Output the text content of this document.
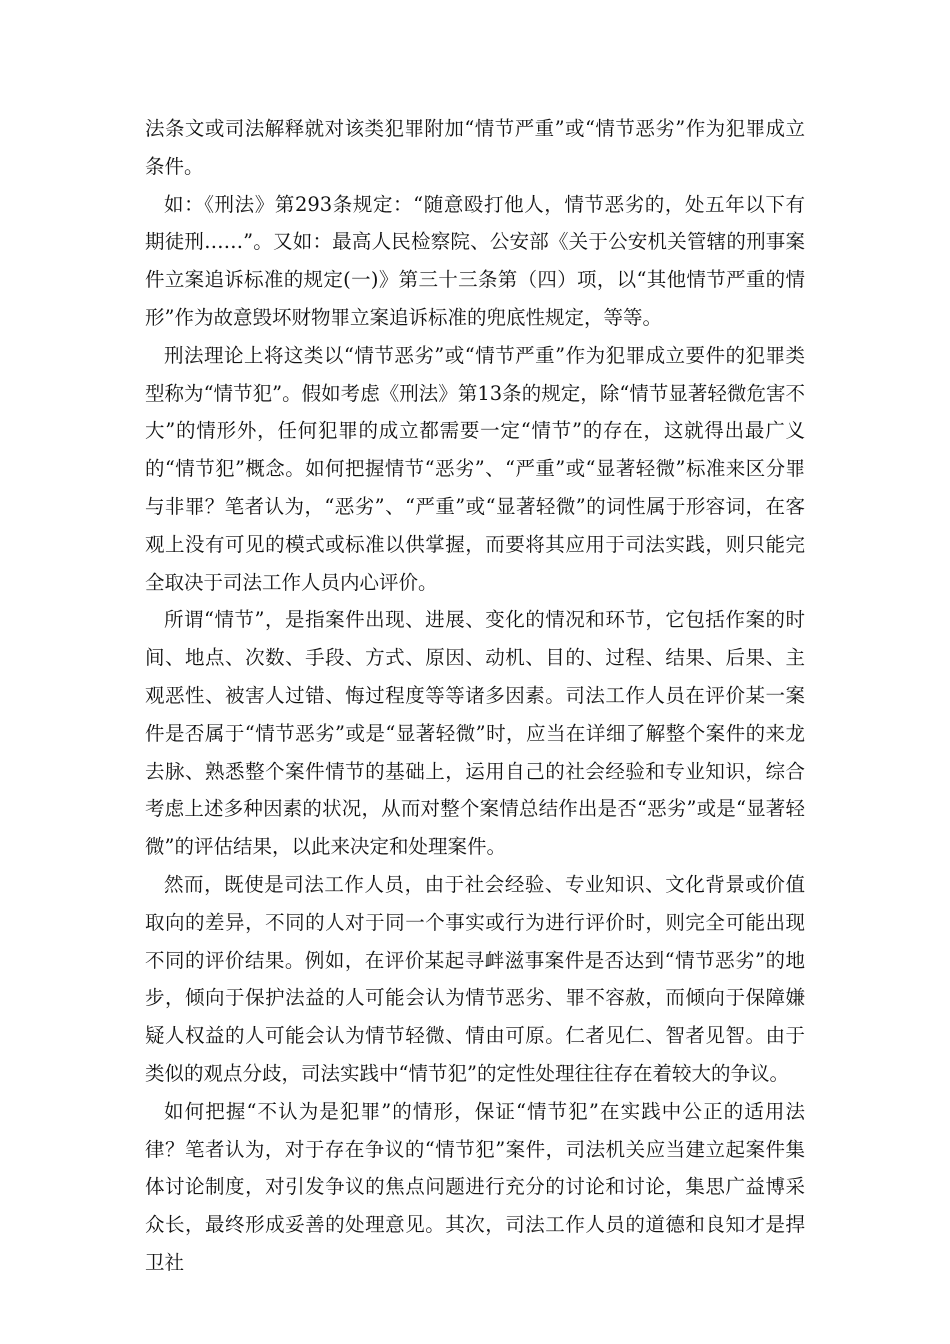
法条文或司法解释就对该类犯罪附加“情节严重”或“情节恶劣”作为犯罪成立条件。

如：《刑法》第293条规定：“随意殴打他人，情节恶劣的，处五年以下有期徒刑……”。又如：最高人民检察院、公安部《关于公安机关管辖的刑事案件立案追诉标准的规定(一)》第三十三条第（四）项，以“其他情节严重的情形”作为故意毁坏财物罪立案追诉标准的兜底性规定，等等。

刑法理论上将这类以“情节恶劣”或“情节严重”作为犯罪成立要件的犯罪类型称为“情节犯”。假如考虑《刑法》第13条的规定，除“情节显著轻微危害不大”的情形外，任何犯罪的成立都需要一定“情节”的存在，这就得出最广义的“情节犯”概念。如何把握情节“恶劣”、“严重”或“显著轻微”标准来区分罪与非罪？笔者认为，“恶劣”、“严重”或“显著轻微”的词性属于形容词，在客观上没有可见的模式或标准以供掌握，而要将其应用于司法实践，则只能完全取决于司法工作人员内心评价。

所谓“情节”，是指案件出现、进展、变化的情况和环节，它包括作案的时间、地点、次数、手段、方式、原因、动机、目的、过程、结果、后果、主观恶性、被害人过错、悔过程度等等诸多因素。司法工作人员在评价某一案件是否属于“情节恶劣”或是“显著轻微”时，应当在详细了解整个案件的来龙去脉、熟悉整个案件情节的基础上，运用自己的社会经验和专业知识，综合考虑上述多种因素的状况，从而对整个案情总结作出是否“恶劣”或是“显著轻微”的评估结果，以此来决定和处理案件。

然而，既使是司法工作人员，由于社会经验、专业知识、文化背景或价值取向的差异，不同的人对于同一个事实或行为进行评价时，则完全可能出现不同的评价结果。例如，在评价某起寻衅滋事案件是否达到“情节恶劣”的地步，倾向于保护法益的人可能会认为情节恶劣、罪不容赦，而倾向于保障嫌疑人权益的人可能会认为情节轻微、情由可原。仁者见仁、智者见智。由于类似的观点分歧，司法实践中“情节犯”的定性处理往往存在着较大的争议。

如何把握“不认为是犯罪”的情形，保证“情节犯”在实践中公正的适用法律？笔者认为，对于存在争议的“情节犯”案件，司法机关应当建立起案件集体讨论制度，对引发争议的焦点问题进行充分的讨论和讨论，集思广益博采众长，最终形成妥善的处理意见。其次，司法工作人员的道德和良知才是捍卫社
